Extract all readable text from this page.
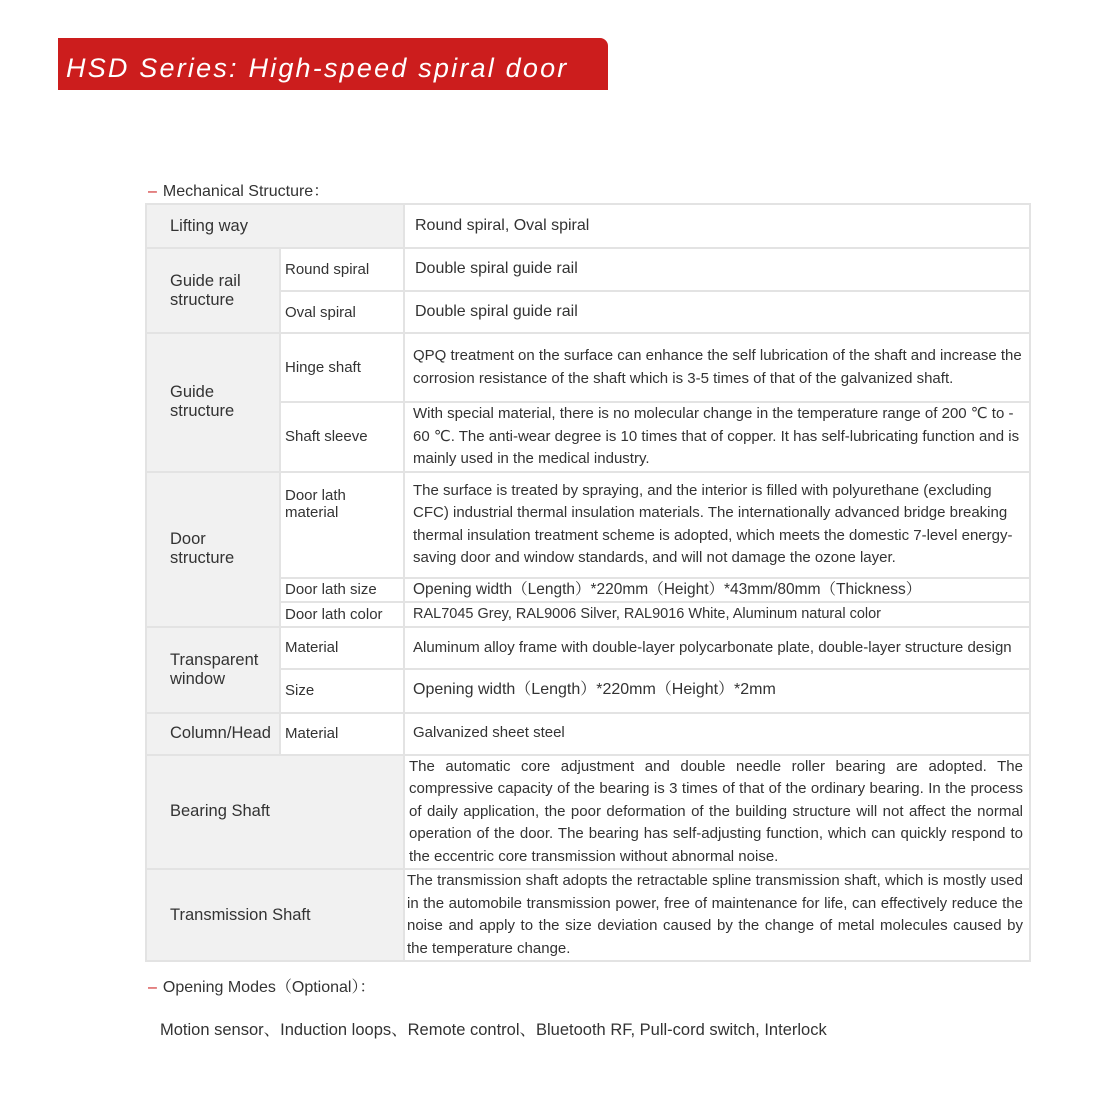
HSD Series: High-speed spiral door
– Mechanical Structure：
Lifting way		Round spiral, Oval spiral
Guide rail structure	Round spiral	Double spiral guide rail
	Oval spiral	Double spiral guide rail
Guide structure	Hinge shaft	QPQ treatment on the surface can enhance the self lubrication of the shaft and increase the corrosion resistance of the shaft which is 3-5 times of that of the galvanized shaft.
	Shaft sleeve	With special material, there is no molecular change in the temperature range of 200 ℃ to - 60 ℃. The anti-wear degree is 10 times that of copper. It has self-lubricating function and is mainly used in the medical industry.
Door structure	Door lath material	The surface is treated by spraying, and the interior is filled with polyurethane (excluding CFC) industrial thermal insulation materials. The internationally advanced bridge breaking thermal insulation treatment scheme is adopted, which meets the domestic 7-level energy-saving door and window standards, and will not damage the ozone layer.
	Door lath size	Opening width（Length）*220mm（Height）*43mm/80mm（Thickness）
	Door lath color	RAL7045 Grey, RAL9006 Silver, RAL9016 White, Aluminum natural color
Transparent window	Material	Aluminum alloy frame with double-layer polycarbonate plate, double-layer structure design
	Size	Opening width（Length）*220mm（Height）*2mm
Column/Head	Material	Galvanized sheet steel
Bearing Shaft		The automatic core adjustment and double needle roller bearing are adopted. The compressive capacity of the bearing is 3 times of that of the ordinary bearing. In the process of daily application, the poor deformation of the building structure will not affect the normal operation of the door. The bearing has self-adjusting function, which can quickly respond to the eccentric core transmission without abnormal noise.
Transmission Shaft		The transmission shaft adopts the retractable spline transmission shaft, which is mostly used in the automobile transmission power, free of maintenance for life, can effectively reduce the noise and apply to the size deviation caused by the change of metal molecules caused by the temperature change.
– Opening Modes（Optional）：
Motion sensor、Induction loops、Remote control、Bluetooth RF, Pull-cord switch, Interlock
